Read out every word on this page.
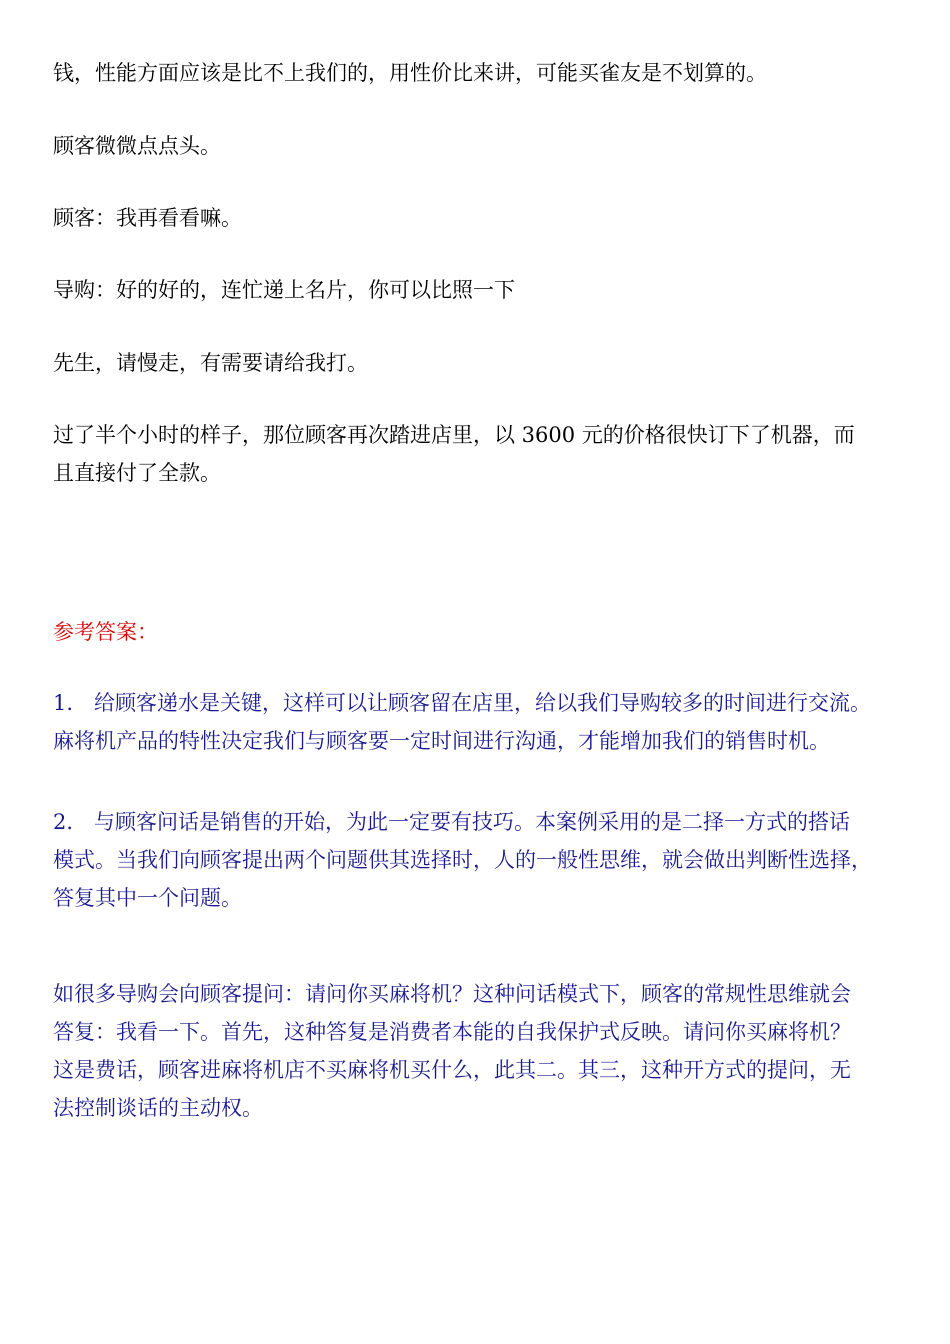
钱，性能方面应该是比不上我们的，用性价比来讲，可能买雀友是不划算的。

顾客微微点点头。

顾客：我再看看嘛。

导购：好的好的，连忙递上名片，你可以比照一下

先生，请慢走，有需要请给我打。

过了半个小时的样子，那位顾客再次踏进店里，以 3600 元的价格很快订下了机器，而
且直接付了全款。

参考答案：

1.　给顾客递水是关键，这样可以让顾客留在店里，给以我们导购较多的时间进行交流。
麻将机产品的特性决定我们与顾客要一定时间进行沟通，才能增加我们的销售时机。

2.　与顾客问话是销售的开始，为此一定要有技巧。本案例采用的是二择一方式的搭话
模式。当我们向顾客提出两个问题供其选择时，人的一般性思维，就会做出判断性选择，
答复其中一个问题。

如很多导购会向顾客提问：请问你买麻将机？这种问话模式下，顾客的常规性思维就会
答复：我看一下。首先，这种答复是消费者本能的自我保护式反映。请问你买麻将机？
这是费话，顾客进麻将机店不买麻将机买什么，此其二。其三，这种开方式的提问，无
法控制谈话的主动权。
